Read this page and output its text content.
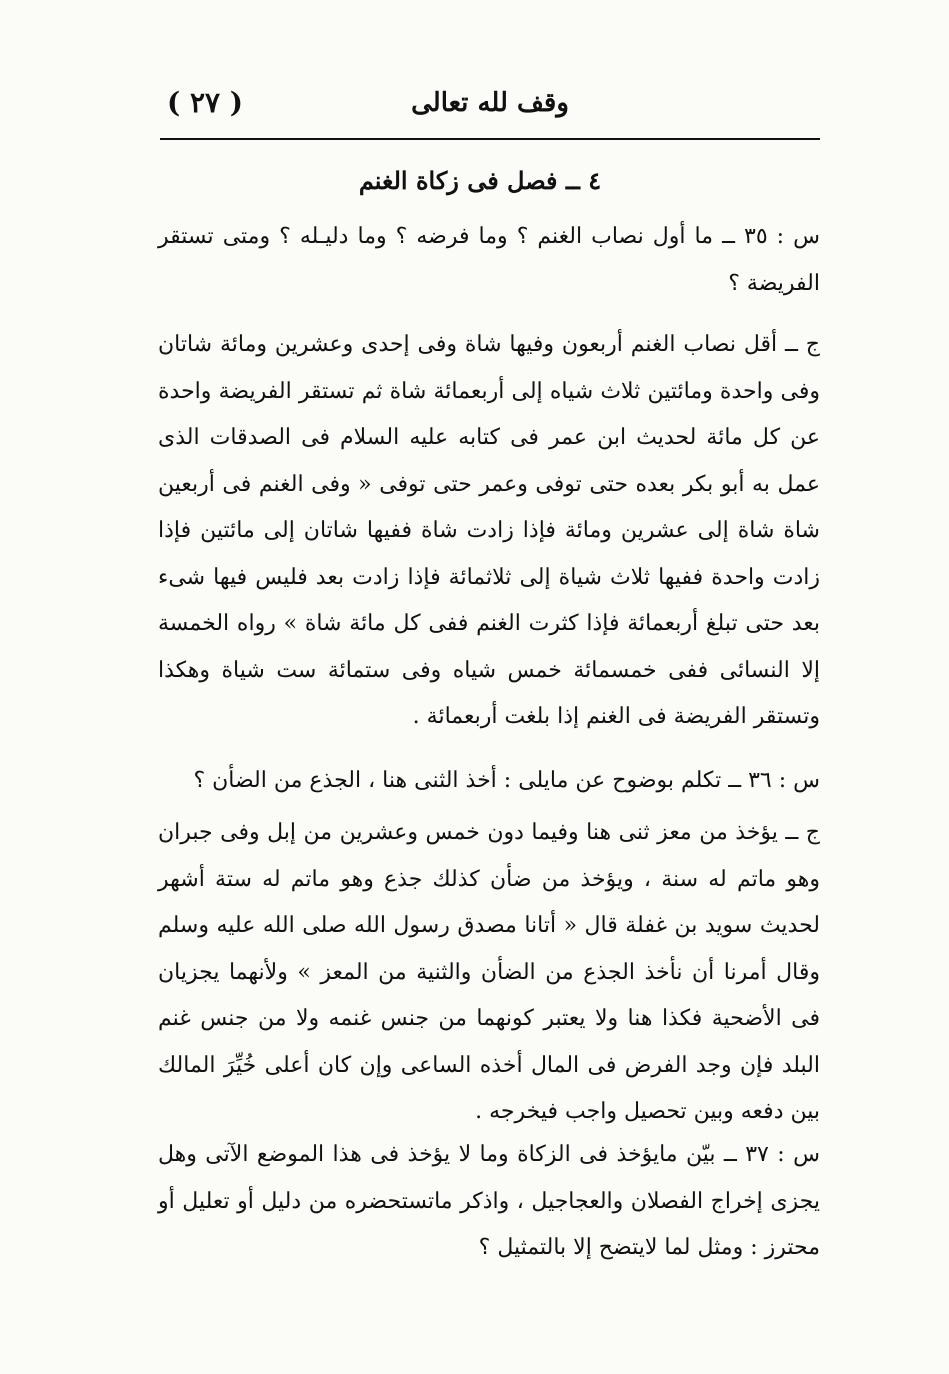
وقف لله تعالى
( ٢٧ )
٤ ــ فصل فى زكاة الغنم

س : ٣٥ ــ ما أول نصاب الغنم ؟ وما فرضه ؟ وما دليـله ؟ ومتى تستقر الفريضة ؟

ج ــ أقل نصاب الغنم أربعون وفيها شاة وفى إحدى وعشرين ومائة شاتان وفى واحدة ومائتين ثلاث شياه إلى أربعمائة شاة ثم تستقر الفريضة واحدة عن كل مائة لحديث ابن عمر فى كتابه عليه السلام فى الصدقات الذى عمل به أبو بكر بعده حتى توفى وعمر حتى توفى « وفى الغنم فى أربعين شاة شاة إلى عشرين ومائة فإذا زادت شاة ففيها شاتان إلى مائتين فإذا زادت واحدة ففيها ثلاث شياة إلى ثلاثمائة فإذا زادت بعد فليس فيها شىء بعد حتى تبلغ أربعمائة فإذا كثرت الغنم ففى كل مائة شاة » رواه الخمسة إلا النسائى ففى خمسمائة خمس شياه وفى ستمائة ست شياة وهكذا وتستقر الفريضة فى الغنم إذا بلغت أربعمائة .

س : ٣٦ ــ تكلم بوضوح عن مايلى : أخذ الثنى هنا ، الجذع من الضأن ؟

ج ــ يؤخذ من معز ثنى هنا وفيما دون خمس وعشرين من إبل وفى جبران وهو ماتم له سنة ، ويؤخذ من ضأن كذلك جذع وهو ماتم له ستة أشهر لحديث سويد بن غفلة قال « أتانا مصدق رسول الله صلى الله عليه وسلم وقال أمرنا أن نأخذ الجذع من الضأن والثنية من المعز » ولأنهما يجزيان فى الأضحية فكذا هنا ولا يعتبر كونهما من جنس غنمه ولا من جنس غنم البلد فإن وجد الفرض فى المال أخذه الساعى وإن كان أعلى خُيِّرَ المالك بين دفعه وبين تحصيل واجب فيخرجه .

س : ٣٧ ــ بيّن مايؤخذ فى الزكاة وما لا يؤخذ فى هذا الموضع الآتى وهل يجزى إخراج الفصلان والعجاجيل ، واذكر ماتستحضره من دليل أو تعليل أو محترز : ومثل لما لايتضح إلا بالتمثيل ؟
